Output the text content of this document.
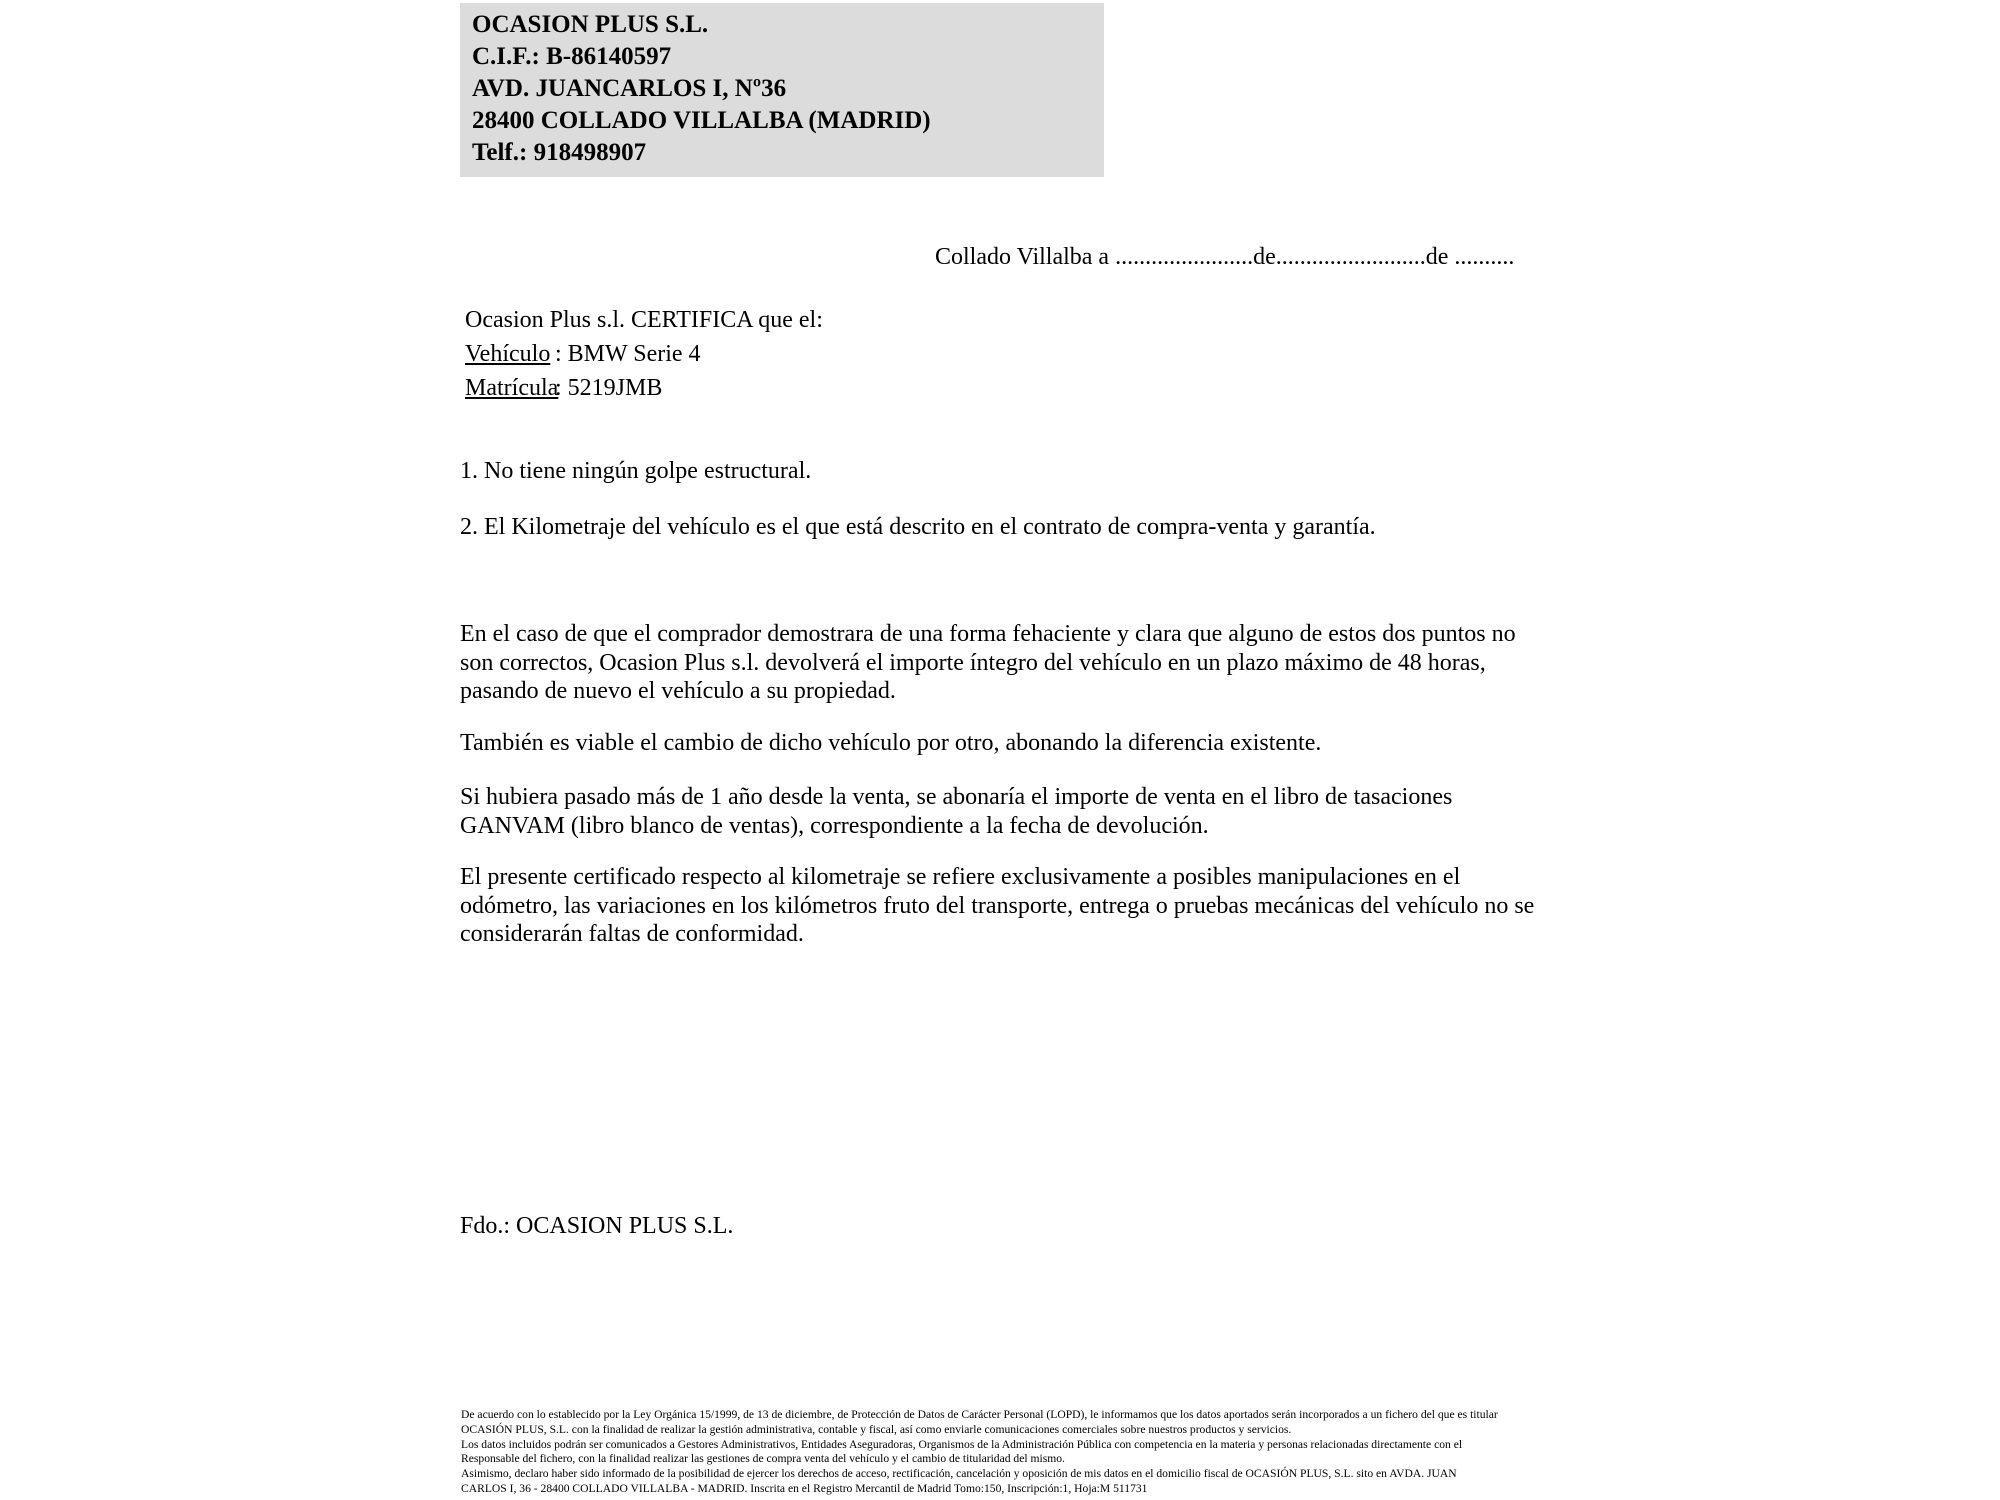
OCASION PLUS S.L.
C.I.F.: B-86140597
AVD. JUANCARLOS I, Nº36
28400 COLLADO VILLALBA (MADRID)
Telf.: 918498907
Collado Villalba a .......................de.........................de ..........
Ocasion Plus s.l. CERTIFICA que el:
Vehículo : BMW Serie 4
Matrícula: 5219JMB
1. No tiene ningún golpe estructural.
2. El Kilometraje del vehículo es el que está descrito en el contrato de compra-venta y garantía.

En el caso de que el comprador demostrara de una forma fehaciente y clara que alguno de estos dos puntos no son correctos, Ocasion Plus s.l. devolverá el importe íntegro del vehículo en un plazo máximo de 48 horas, pasando de nuevo el vehículo a su propiedad.

También es viable el cambio de dicho vehículo por otro, abonando la diferencia existente.

Si hubiera pasado más de 1 año desde la venta, se abonaría el importe de venta en el libro de tasaciones GANVAM (libro blanco de ventas), correspondiente a la fecha de devolución.

El presente certificado respecto al kilometraje se refiere exclusivamente a posibles manipulaciones en el odómetro, las variaciones en los kilómetros fruto del transporte, entrega o pruebas mecánicas del vehículo no se considerarán faltas de conformidad.

Fdo.: OCASION PLUS S.L.
De acuerdo con lo establecido por la Ley Orgánica 15/1999, de 13 de diciembre, de Protección de Datos de Carácter Personal (LOPD), le informamos que los datos aportados serán incorporados a un fichero del que es titular
OCASIÓN PLUS, S.L. con la finalidad de realizar la gestión administrativa, contable y fiscal, así como enviarle comunicaciones comerciales sobre nuestros productos y servicios.
Los datos incluidos podrán ser comunicados a Gestores Administrativos, Entidades Aseguradoras, Organismos de la Administración Pública con competencia en la materia y personas relacionadas directamente con el
Responsable del fichero, con la finalidad realizar las gestiones de compra venta del vehículo y el cambio de titularidad del mismo.
Asimismo, declaro haber sido informado de la posibilidad de ejercer los derechos de acceso, rectificación, cancelación y oposición de mis datos en el domicilio fiscal de OCASIÓN PLUS, S.L. sito en AVDA. JUAN
CARLOS I, 36 - 28400 COLLADO VILLALBA - MADRID. Inscrita en el Registro Mercantil de Madrid Tomo:150, Inscripción:1, Hoja:M 511731
